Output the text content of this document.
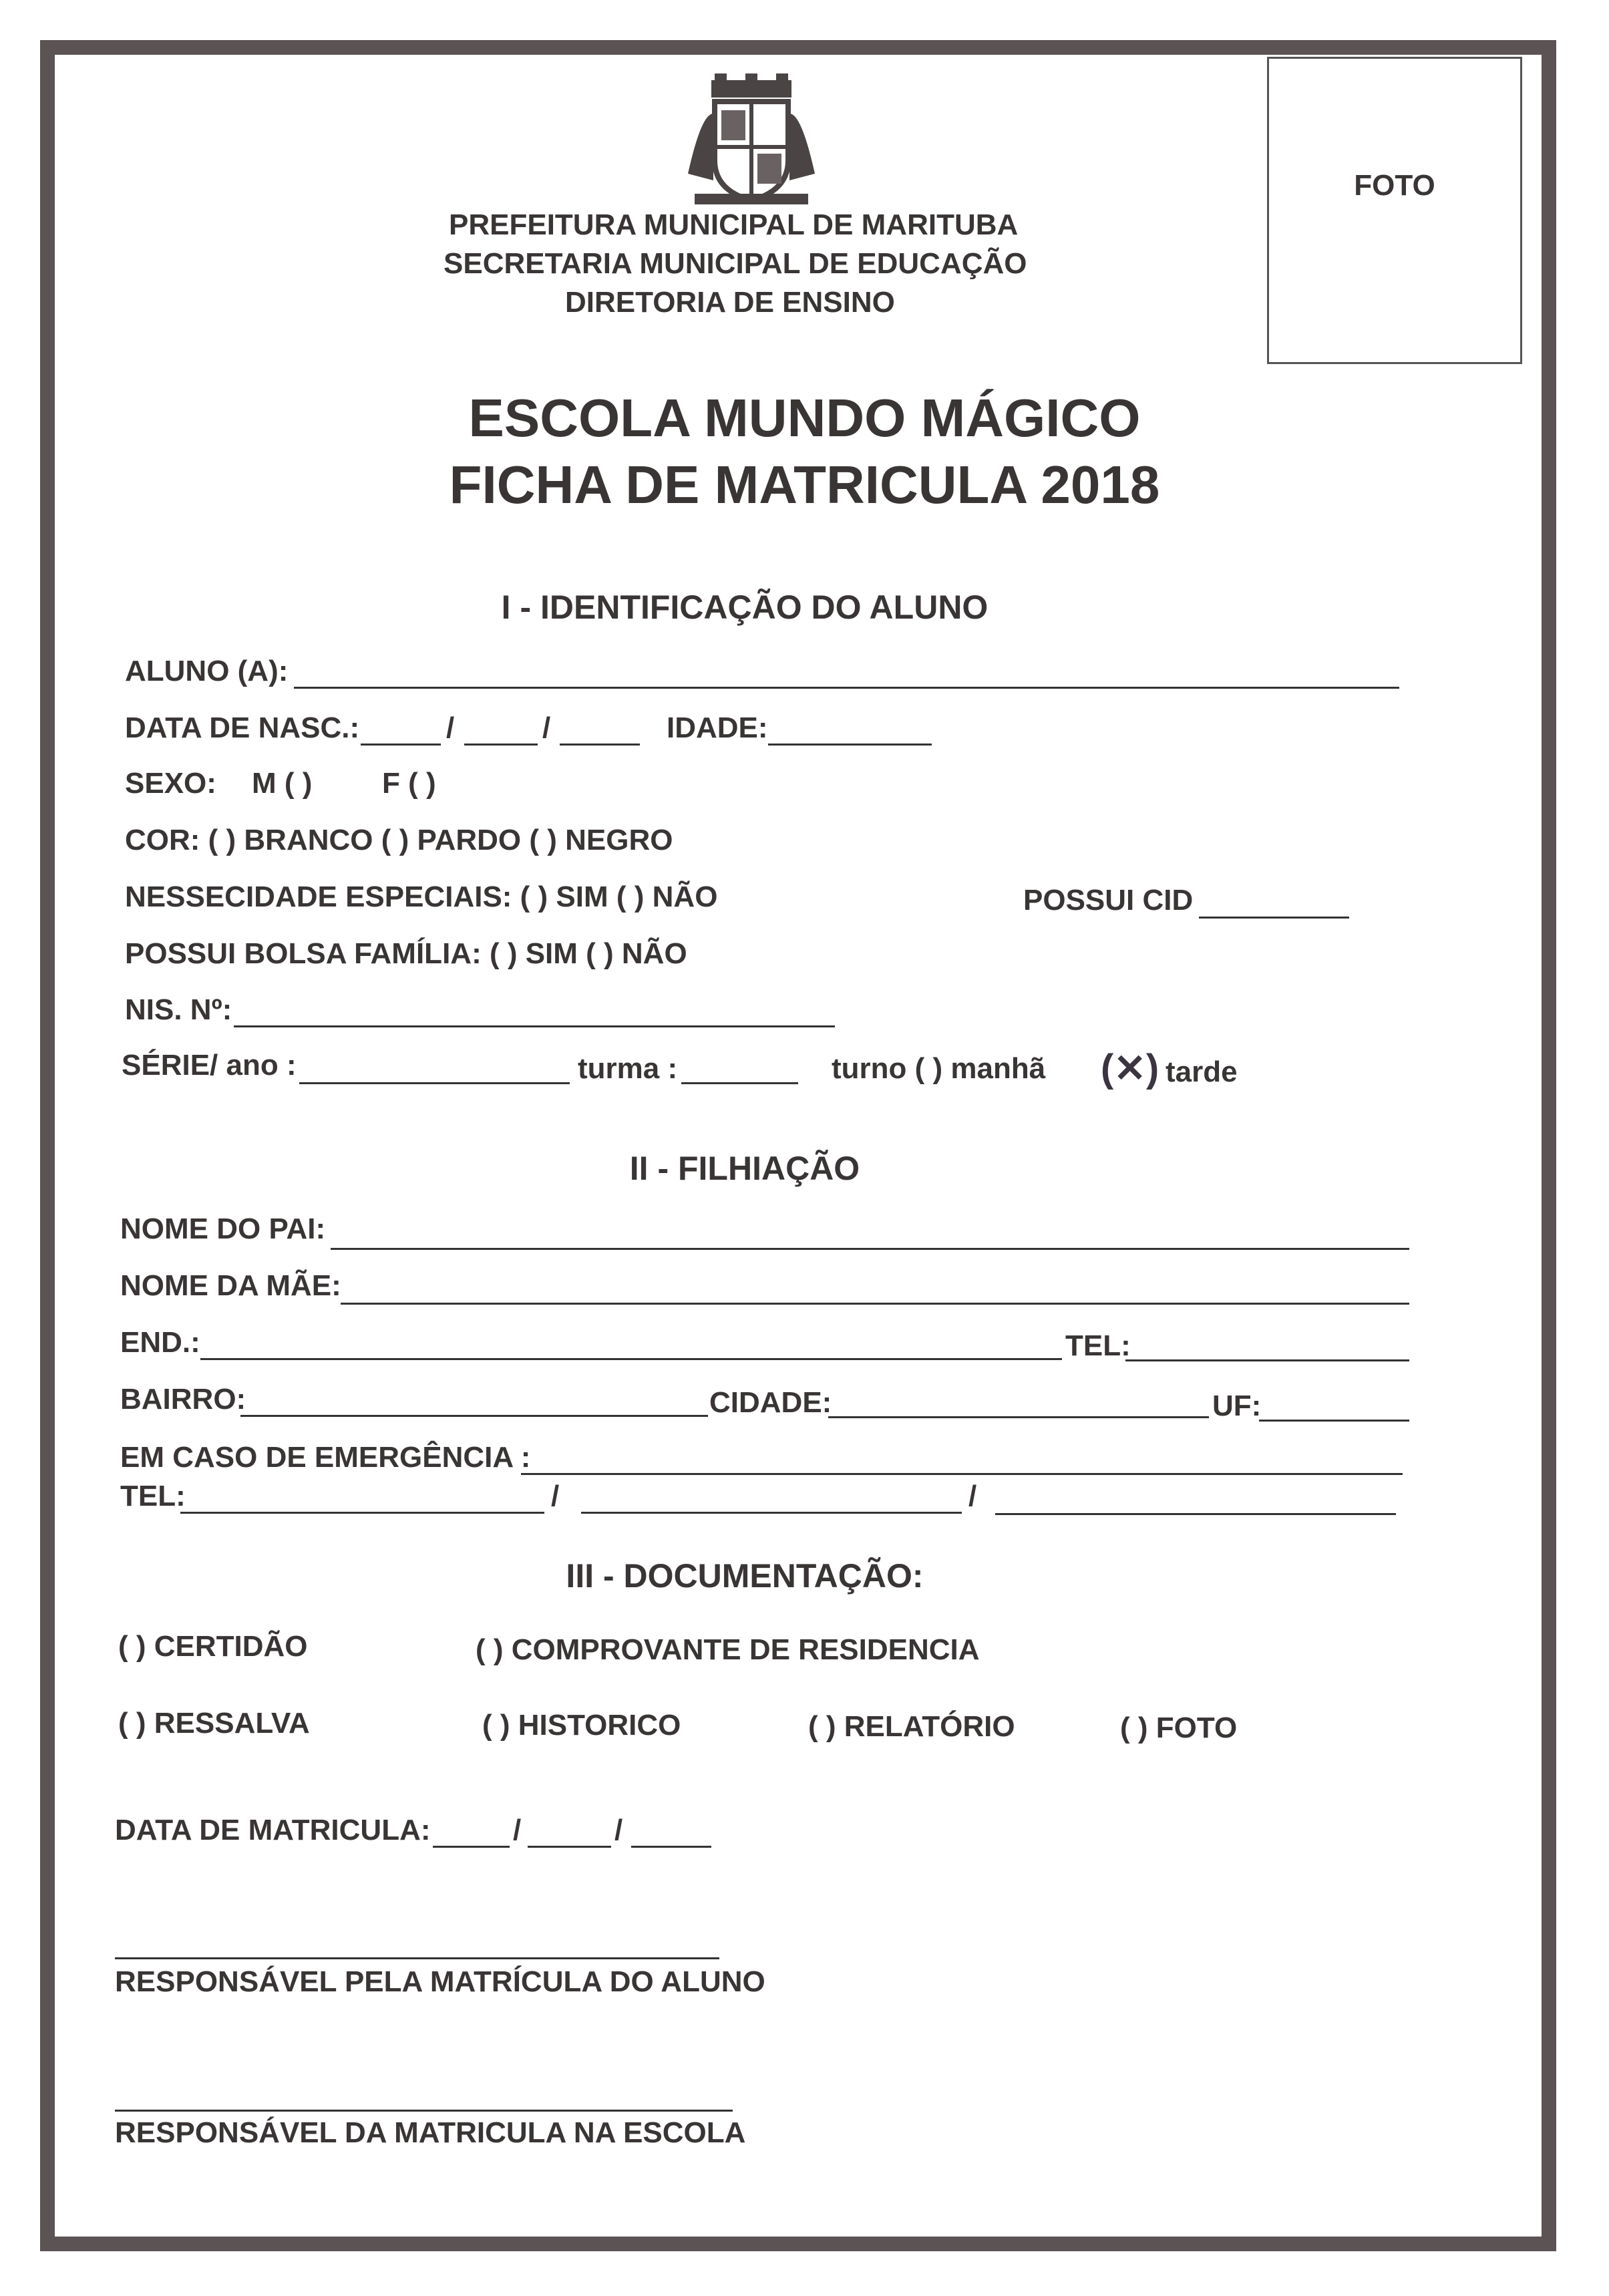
PREFEITURA MUNICIPAL DE MARITUBA
SECRETARIA MUNICIPAL DE EDUCAÇÃO
DIRETORIA DE ENSINO
FOTO
ESCOLA MUNDO MÁGICO
FICHA DE MATRICULA 2018
I - IDENTIFICAÇÃO DO ALUNO
ALUNO (A):
DATA DE NASC.:	/	/	IDADE:
SEXO: M ( ) F ( )
COR: ( ) BRANCO ( ) PARDO ( ) NEGRO
NESSECIDADE ESPECIAIS: ( ) SIM ( ) NÃO	POSSUI CID
POSSUI BOLSA FAMÍLIA: ( ) SIM ( ) NÃO
NIS. Nº:
SÉRIE/ ano :	turma :	turno ( ) manhã (✕) tarde
II - FILHIAÇÃO
NOME DO PAI:
NOME DA MÃE:
END.:	TEL:
BAIRRO:	CIDADE:	UF:
EM CASO DE EMERGÊNCIA :
TEL:	/	/
III - DOCUMENTAÇÃO:
( ) CERTIDÃO	( ) COMPROVANTE DE RESIDENCIA
( ) RESSALVA	( ) HISTORICO	( ) RELATÓRIO	( ) FOTO
DATA DE MATRICULA:	/	/
RESPONSÁVEL PELA MATRÍCULA DO ALUNO
RESPONSÁVEL DA MATRICULA NA ESCOLA
